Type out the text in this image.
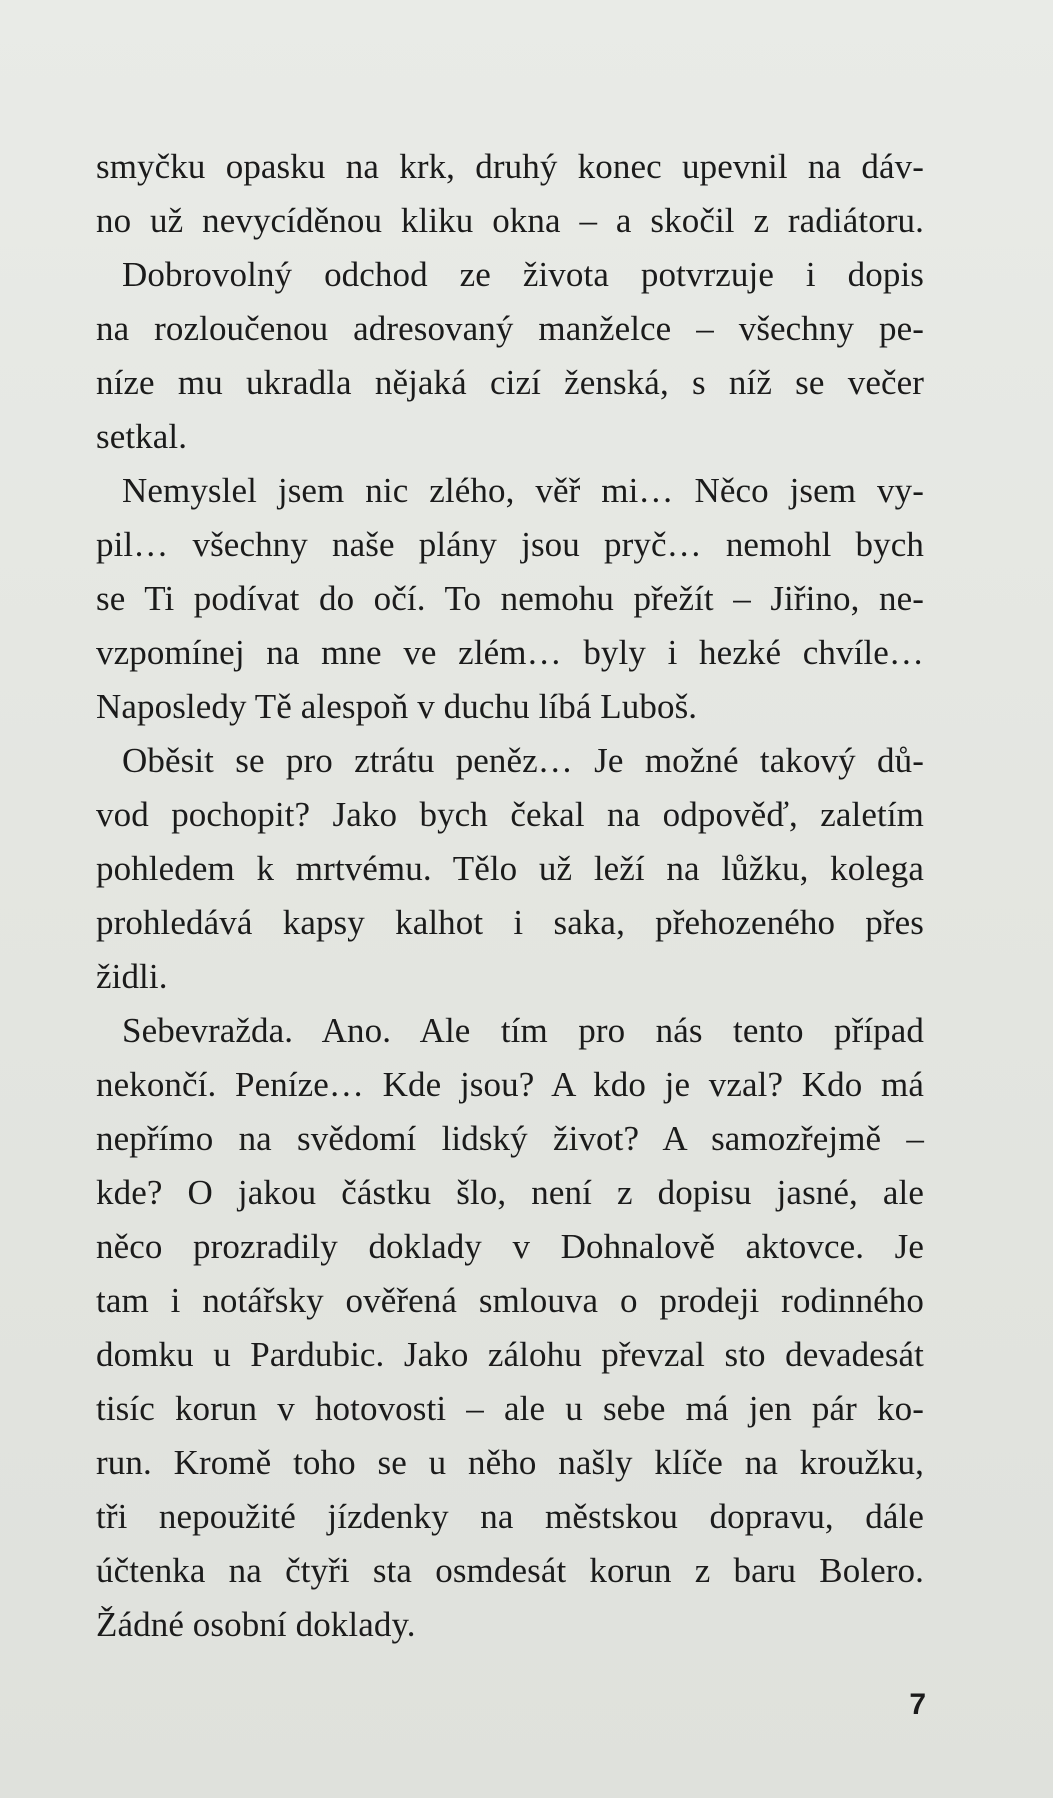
smyčku opasku na krk, druhý konec upevnil na dáv-
no už nevycíděnou kliku okna – a skočil z radiátoru.
Dobrovolný odchod ze života potvrzuje i dopis
na rozloučenou adresovaný manželce – všechny pe-
níze mu ukradla nějaká cizí ženská, s níž se večer
setkal.
Nemyslel jsem nic zlého, věř mi… Něco jsem vy-
pil… všechny naše plány jsou pryč… nemohl bych
se Ti podívat do očí. To nemohu přežít – Jiřino, ne-
vzpomínej na mne ve zlém… byly i hezké chvíle…
Naposledy Tě alespoň v duchu líbá Luboš.
Oběsit se pro ztrátu peněz… Je možné takový dů-
vod pochopit? Jako bych čekal na odpověď, zaletím
pohledem k mrtvému. Tělo už leží na lůžku, kolega
prohledává kapsy kalhot i saka, přehozeného přes
židli.
Sebevražda. Ano. Ale tím pro nás tento případ
nekončí. Peníze… Kde jsou? A kdo je vzal? Kdo má
nepřímo na svědomí lidský život? A samozřejmě –
kde? O jakou částku šlo, není z dopisu jasné, ale
něco prozradily doklady v Dohnalově aktovce. Je
tam i notářsky ověřená smlouva o prodeji rodinného
domku u Pardubic. Jako zálohu převzal sto devadesát
tisíc korun v hotovosti – ale u sebe má jen pár ko-
run. Kromě toho se u něho našly klíče na kroužku,
tři nepoužité jízdenky na městskou dopravu, dále
účtenka na čtyři sta osmdesát korun z baru Bolero.
Žádné osobní doklady.
7
